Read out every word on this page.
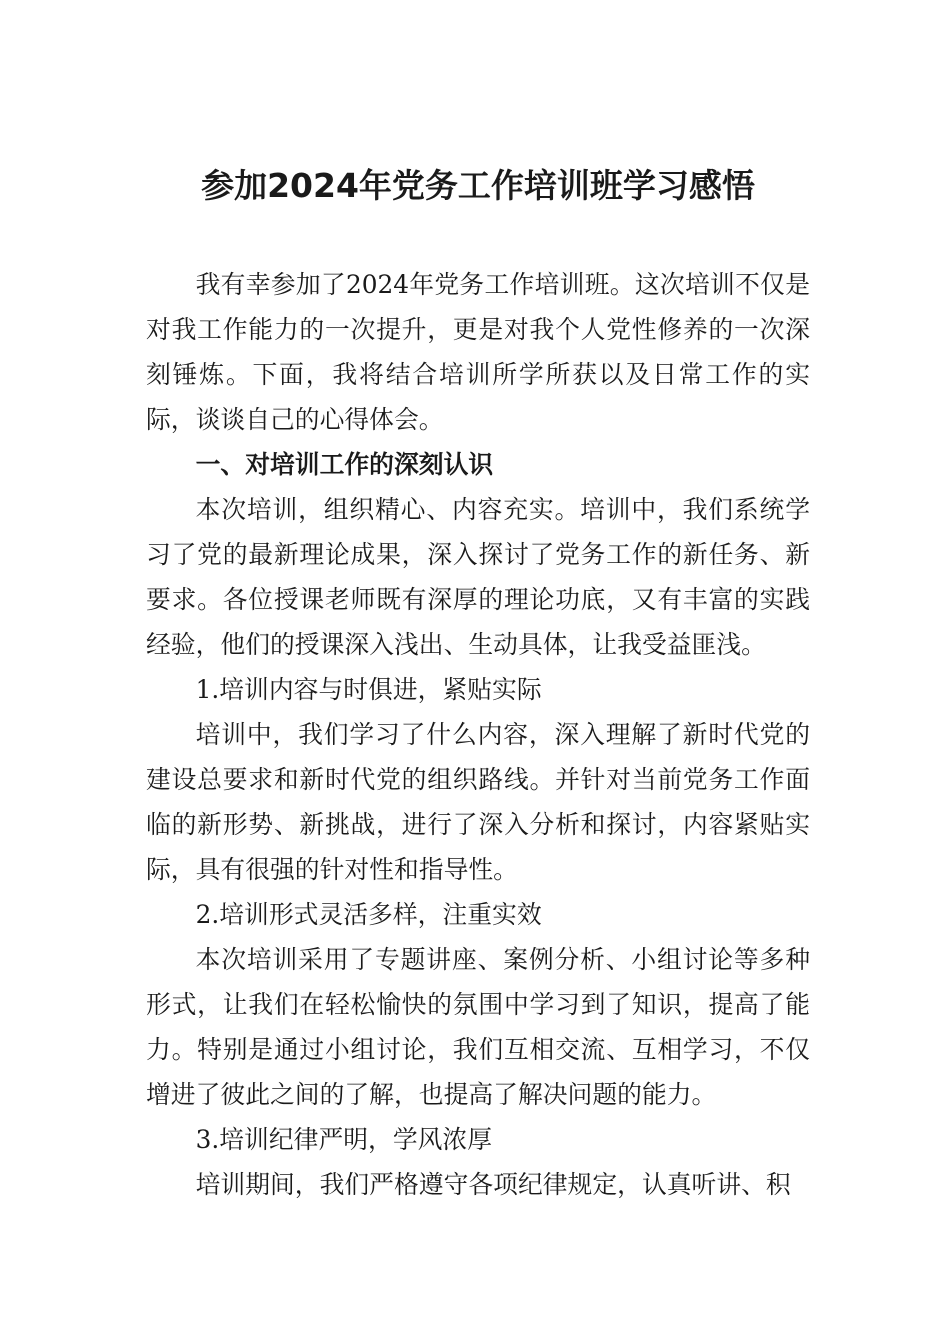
参加2024年党务工作培训班学习感悟

我有幸参加了2024年党务工作培训班。这次培训不仅是对我工作能力的一次提升，更是对我个人党性修养的一次深刻锤炼。下面，我将结合培训所学所获以及日常工作的实际，谈谈自己的心得体会。

一、对培训工作的深刻认识

本次培训，组织精心、内容充实。培训中，我们系统学习了党的最新理论成果，深入探讨了党务工作的新任务、新要求。各位授课老师既有深厚的理论功底，又有丰富的实践经验，他们的授课深入浅出、生动具体，让我受益匪浅。

1.培训内容与时俱进，紧贴实际

培训中，我们学习了什么内容，深入理解了新时代党的建设总要求和新时代党的组织路线。并针对当前党务工作面临的新形势、新挑战，进行了深入分析和探讨，内容紧贴实际，具有很强的针对性和指导性。

2.培训形式灵活多样，注重实效

本次培训采用了专题讲座、案例分析、小组讨论等多种形式，让我们在轻松愉快的氛围中学习到了知识，提高了能力。特别是通过小组讨论，我们互相交流、互相学习，不仅增进了彼此之间的了解，也提高了解决问题的能力。

3.培训纪律严明，学风浓厚

培训期间，我们严格遵守各项纪律规定，认真听讲、积
